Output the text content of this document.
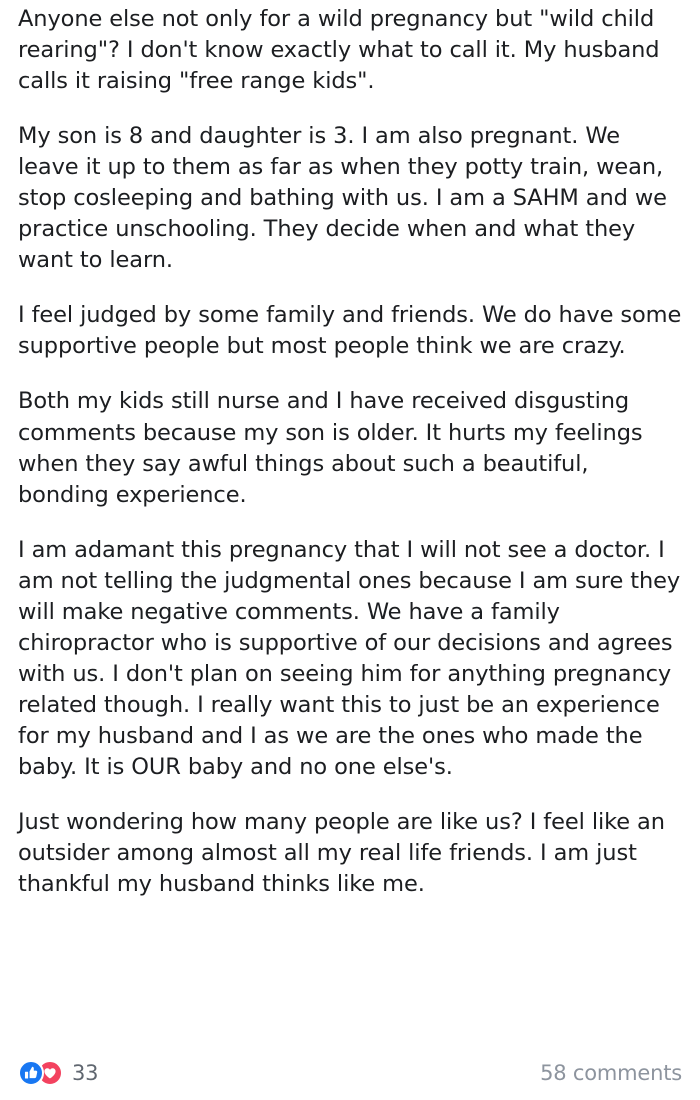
Anyone else not only for a wild pregnancy but "wild child rearing"? I don't know exactly what to call it. My husband calls it raising "free range kids".

My son is 8 and daughter is 3. I am also pregnant. We leave it up to them as far as when they potty train, wean, stop cosleeping and bathing with us. I am a SAHM and we practice unschooling. They decide when and what they want to learn.

I feel judged by some family and friends. We do have some supportive people but most people think we are crazy.

Both my kids still nurse and I have received disgusting comments because my son is older. It hurts my feelings when they say awful things about such a beautiful, bonding experience.

I am adamant this pregnancy that I will not see a doctor. I am not telling the judgmental ones because I am sure they will make negative comments. We have a family chiropractor who is supportive of our decisions and agrees with us. I don't plan on seeing him for anything pregnancy related though. I really want this to just be an experience for my husband and I as we are the ones who made the baby. It is OUR baby and no one else's.

Just wondering how many people are like us? I feel like an outsider among almost all my real life friends. I am just thankful my husband thinks like me.

33	58 comments
